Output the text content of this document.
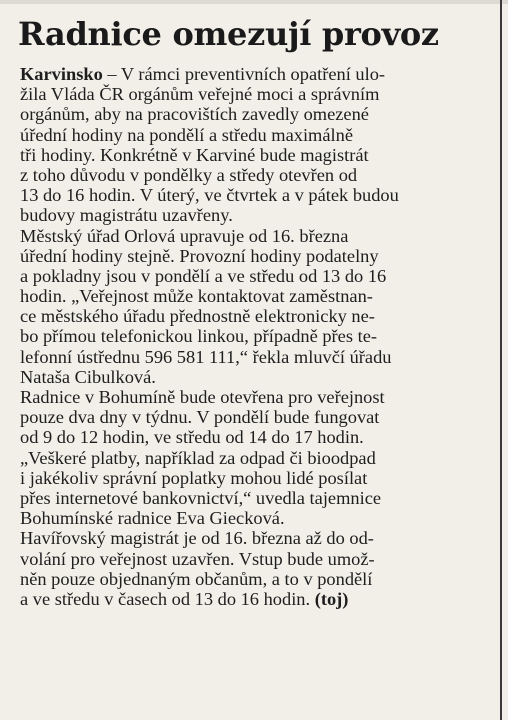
Radnice omezují provoz
Karvinsko – V rámci preventivních opatření ulo-
žila Vláda ČR orgánům veřejné moci a správním
orgánům, aby na pracovištích zavedly omezené
úřední hodiny na pondělí a středu maximálně
tři hodiny. Konkrétně v Karviné bude magistrát
z toho důvodu v pondělky a středy otevřen od
13 do 16 hodin. V úterý, ve čtvrtek a v pátek budou
budovy magistrátu uzavřeny.
Městský úřad Orlová upravuje od 16. března
úřední hodiny stejně. Provozní hodiny podatelny
a pokladny jsou v pondělí a ve středu od 13 do 16
hodin. „Veřejnost může kontaktovat zaměstnan-
ce městského úřadu přednostně elektronicky ne-
bo přímou telefonickou linkou, případně přes te-
lefonní ústřednu 596 581 111,“ řekla mluvčí úřadu
Nataša Cibulková.
Radnice v Bohumíně bude otevřena pro veřejnost
pouze dva dny v týdnu. V pondělí bude fungovat
od 9 do 12 hodin, ve středu od 14 do 17 hodin.
„Veškeré platby, například za odpad či bioodpad
i jakékoliv správní poplatky mohou lidé posílat
přes internetové bankovnictví,“ uvedla tajemnice
Bohumínské radnice Eva Giecková.
Havířovský magistrát je od 16. března až do od-
volání pro veřejnost uzavřen. Vstup bude umož-
něn pouze objednaným občanům, a to v pondělí
a ve středu v časech od 13 do 16 hodin. (toj)
